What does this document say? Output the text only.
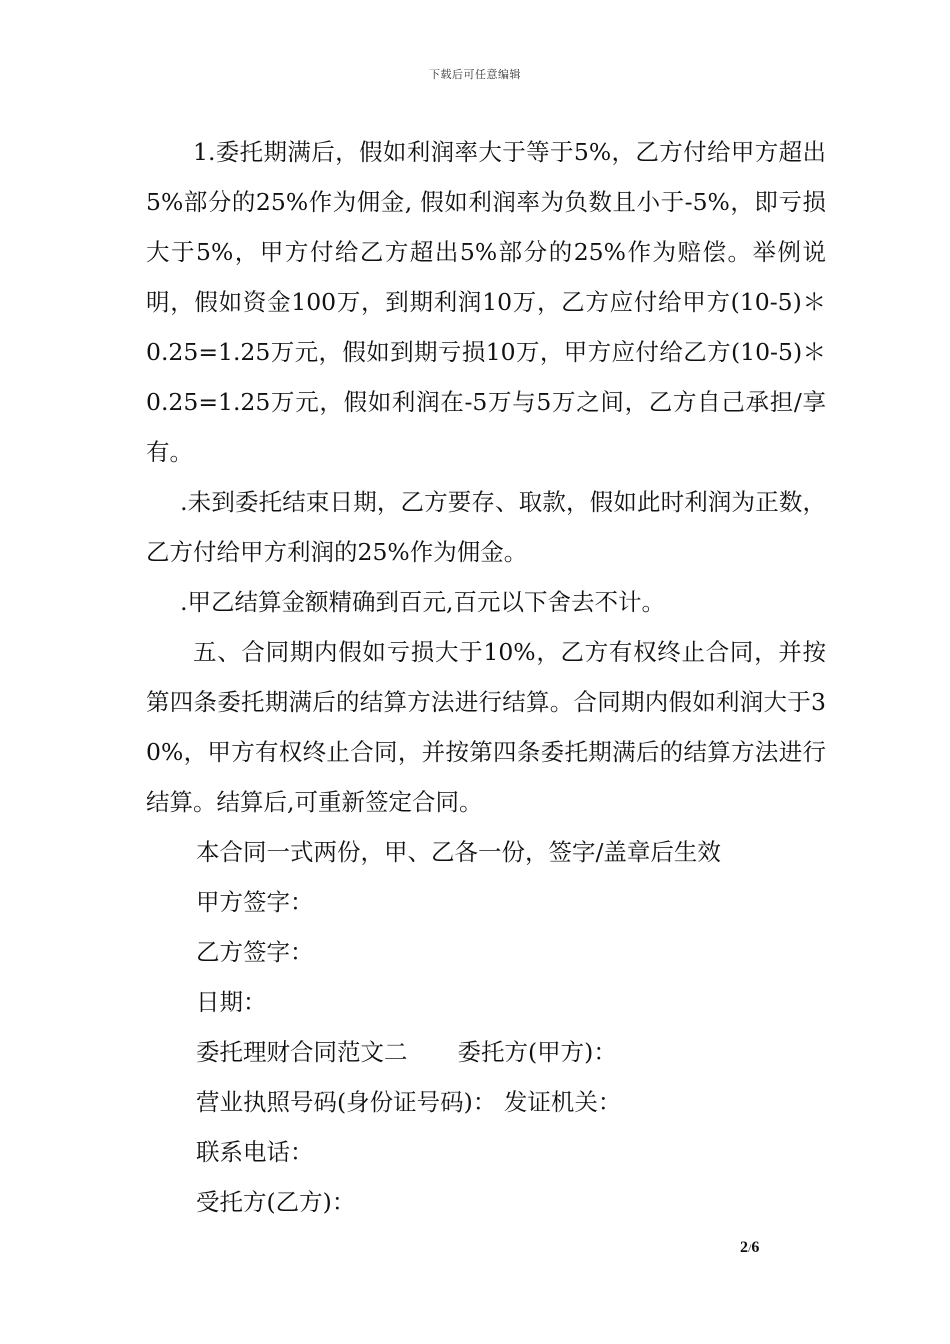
下载后可任意编辑

1.委托期满后，假如利润率大于等于5%，乙方付给甲方超出5%部分的25%作为佣金, 假如利润率为负数且小于-5%，即亏损大于5%，甲方付给乙方超出5%部分的25%作为赔偿。举例说明，假如资金100万，到期利润10万，乙方应付给甲方(10-5)＊ 0.25=1.25万元，假如到期亏损10万，甲方应付给乙方(10-5)＊ 0.25=1.25万元，假如利润在-5万与5万之间，乙方自己承担/享有。

.未到委托结束日期，乙方要存、取款，假如此时利润为正数，乙方付给甲方利润的25%作为佣金。

.甲乙结算金额精确到百元,百元以下舍去不计。

五、合同期内假如亏损大于10%，乙方有权终止合同，并按第四条委托期满后的结算方法进行结算。合同期内假如利润大于30%，甲方有权终止合同，并按第四条委托期满后的结算方法进行结算。结算后,可重新签定合同。

本合同一式两份，甲、乙各一份，签字/盖章后生效

甲方签字：

乙方签字：

日期：

委托理财合同范文二 委托方(甲方)：

营业执照号码(身份证号码)： 发证机关：

联系电话：

受托方(乙方)：

2/6
